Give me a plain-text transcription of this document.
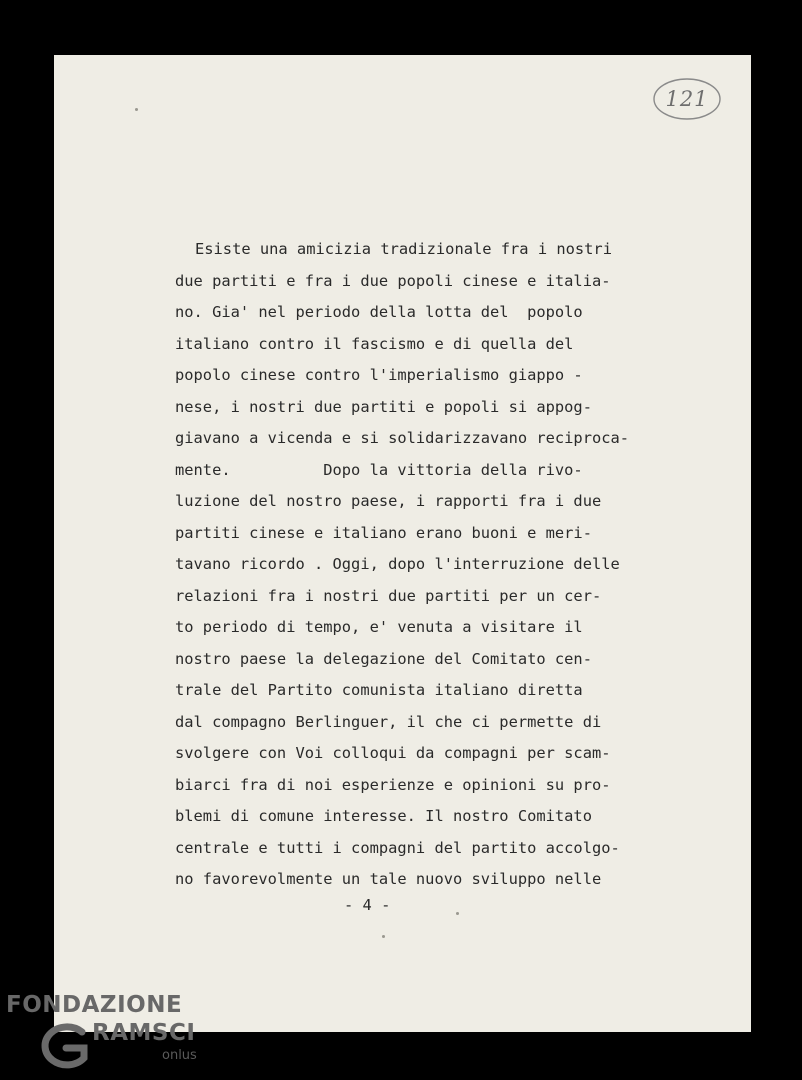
121
Esiste una amicizia tradizionale fra i nostri
due partiti e fra i due popoli cinese e italia-
no. Gia' nel periodo della lotta del  popolo
italiano contro il fascismo e di quella del
popolo cinese contro l'imperialismo giappo -
nese, i nostri due partiti e popoli si appog-
giavano a vicenda e si solidarizzavano reciproca-
mente.          Dopo la vittoria della rivo-
luzione del nostro paese, i rapporti fra i due
partiti cinese e italiano erano buoni e meri-
tavano ricordo . Oggi, dopo l'interruzione delle
relazioni fra i nostri due partiti per un cer-
to periodo di tempo, e' venuta a visitare il
nostro paese la delegazione del Comitato cen-
trale del Partito comunista italiano diretta
dal compagno Berlinguer, il che ci permette di
svolgere con Voi colloqui da compagni per scam-
biarci fra di noi esperienze e opinioni su pro-
blemi di comune interesse. Il nostro Comitato
centrale e tutti i compagni del partito accolgo-
no favorevolmente un tale nuovo sviluppo nelle
- 4 -
FONDAZIONE
RAMSCI
onlus
